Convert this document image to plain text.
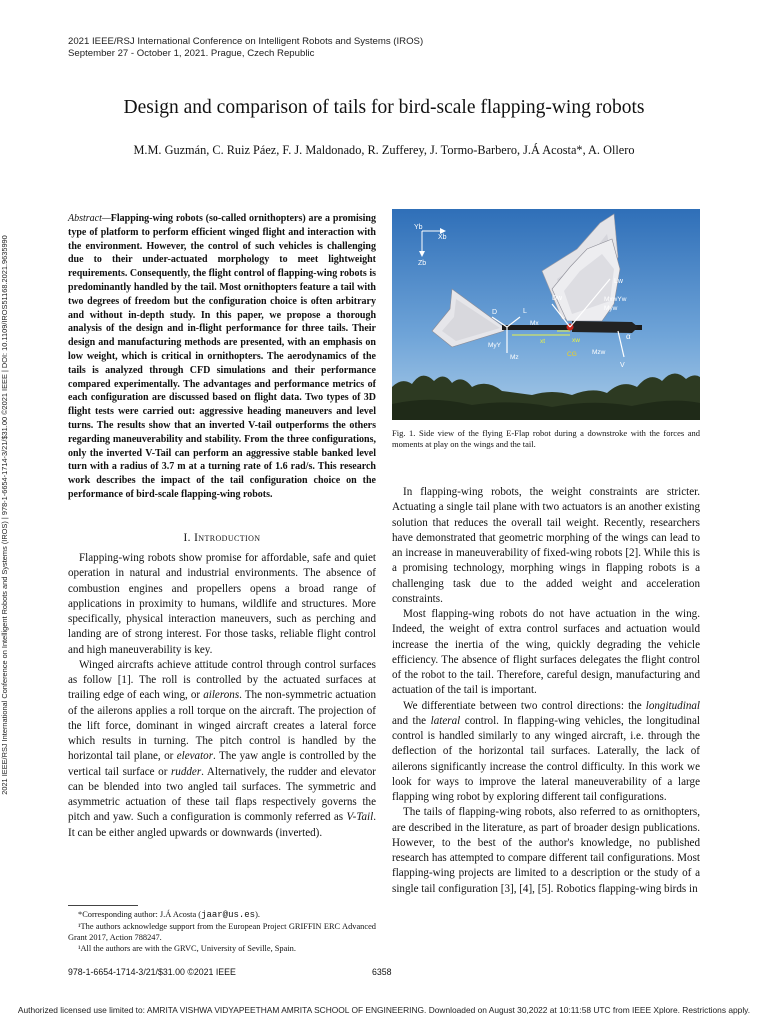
2021 IEEE/RSJ International Conference on Intelligent Robots and Systems (IROS)
September 27 - October 1, 2021. Prague, Czech Republic
Design and comparison of tails for bird-scale flapping-wing robots
M.M. Guzmán, C. Ruiz Páez, F. J. Maldonado, R. Zufferey, J. Tormo-Barbero, J.Á Acosta*, A. Ollero
2021 IEEE/RSJ International Conference on Intelligent Robots and Systems (IROS) | 978-1-6654-1714-3/21/$31.00 ©2021 IEEE | DOI: 10.1109/IROS51168.2021.9635990
Abstract—Flapping-wing robots (so-called ornithopters) are a promising type of platform to perform efficient winged flight and interaction with the environment. However, the control of such vehicles is challenging due to their under-actuated morphology to meet lightweight requirements. Consequently, the flight control of flapping-wing robots is predominantly handled by the tail. Most ornithopters feature a tail with two degrees of freedom but the configuration choice is often arbitrary and without in-depth study. In this paper, we propose a thorough analysis of the design and in-flight performance for three tails. Their design and manufacturing methods are presented, with an emphasis on low weight, which is critical in ornithopters. The aerodynamics of the tails is analyzed through CFD simulations and their performance compared experimentally. The advantages and performance metrics of each configuration are discussed based on flight data. Two types of 3D flight tests were carried out: aggressive heading maneuvers and level turns. The results show that an inverted V-tail outperforms the others regarding maneuverability and stability. From the three configurations, only the inverted V-Tail can perform an aggressive stable banked level turn with a radius of 3.7 m at a turning rate of 1.6 rad/s. This research work describes the impact of the tail configuration choice on the performance of bird-scale flapping-wing robots.
I. Introduction

Flapping-wing robots show promise for affordable, safe and quiet operation in natural and industrial environments. The absence of combustion engines and propellers opens a broad range of applications in proximity to humans, wildlife and structures. More specifically, physical interaction maneuvers, such as perching and landing are of strong interest. For those tasks, reliable flight control and high maneuverability is key.

Winged aircrafts achieve attitude control through control surfaces as follow [1]. The roll is controlled by the actuated surfaces at trailing edge of each wing, or ailerons. The non-symmetric actuation of the ailerons applies a roll torque on the aircraft. The projection of the lift force, dominant in winged aircraft creates a lateral force which results in turning. The pitch control is handled by the horizontal tail plane, or elevator. The yaw angle is controlled by the vertical tail surface or rudder. Alternatively, the rudder and elevator can be blended into two angled tail surfaces. The symmetric and asymmetric actuation of these tail flaps respectively governs the pitch and yaw. Such a configuration is commonly referred as V-Tail. It can be either angled upwards or downwards (inverted).

*Corresponding author: J.Á Acosta (jaar@us.es).

¹The authors acknowledge support from the European Project GRIFFIN ERC Advanced Grant 2017, Action 788247.

¹All the authors are with the GRVC, University of Seville, Spain.

Yb
Xb
Zb
Lw
Dw	MxwYw
Myw
D	L
Mx
α
MyY
Mz
xt	xw
CG Mzw
V
Fig. 1. Side view of the flying E-Flap robot during a downstroke with the forces and moments at play on the wings and the tail.

In flapping-wing robots, the weight constraints are stricter. Actuating a single tail plane with two actuators is an another existing solution that reduces the overall tail weight. Recently, researchers have demonstrated that geometric morphing of the wings can lead to an increase in maneuverability of fixed-wing robots [2]. While this is a promising technology, morphing wings in flapping robots is a challenging task due to the added weight and acceleration constraints.

Most flapping-wing robots do not have actuation in the wing. Indeed, the weight of extra control surfaces and actuation would increase the inertia of the wing, quickly degrading the vehicle efficiency. The absence of flight surfaces delegates the flight control of the robot to the tail. Therefore, careful design, manufacturing and actuation of the tail is important.

We differentiate between two control directions: the longitudinal and the lateral control. In flapping-wing vehicles, the longitudinal control is handled similarly to any winged aircraft, i.e. through the deflection of the horizontal tail surfaces. Laterally, the lack of ailerons significantly increase the control difficulty. In this work we look for ways to improve the lateral maneuverability of a large flapping wing robot by exploring different tail configurations.

The tails of flapping-wing robots, also referred to as ornithopters, are described in the literature, as part of broader design publications. However, to the best of the author's knowledge, no published research has attempted to compare different tail configurations. Most flapping-wing projects are limited to a description or the study of a single tail configuration [3], [4], [5]. Robotics flapping-wing birds in

978-1-6654-1714-3/21/$31.00 ©2021 IEEE	6358
Authorized licensed use limited to: AMRITA VISHWA VIDYAPEETHAM AMRITA SCHOOL OF ENGINEERING. Downloaded on August 30,2022 at 10:11:58 UTC from IEEE Xplore. Restrictions apply.
